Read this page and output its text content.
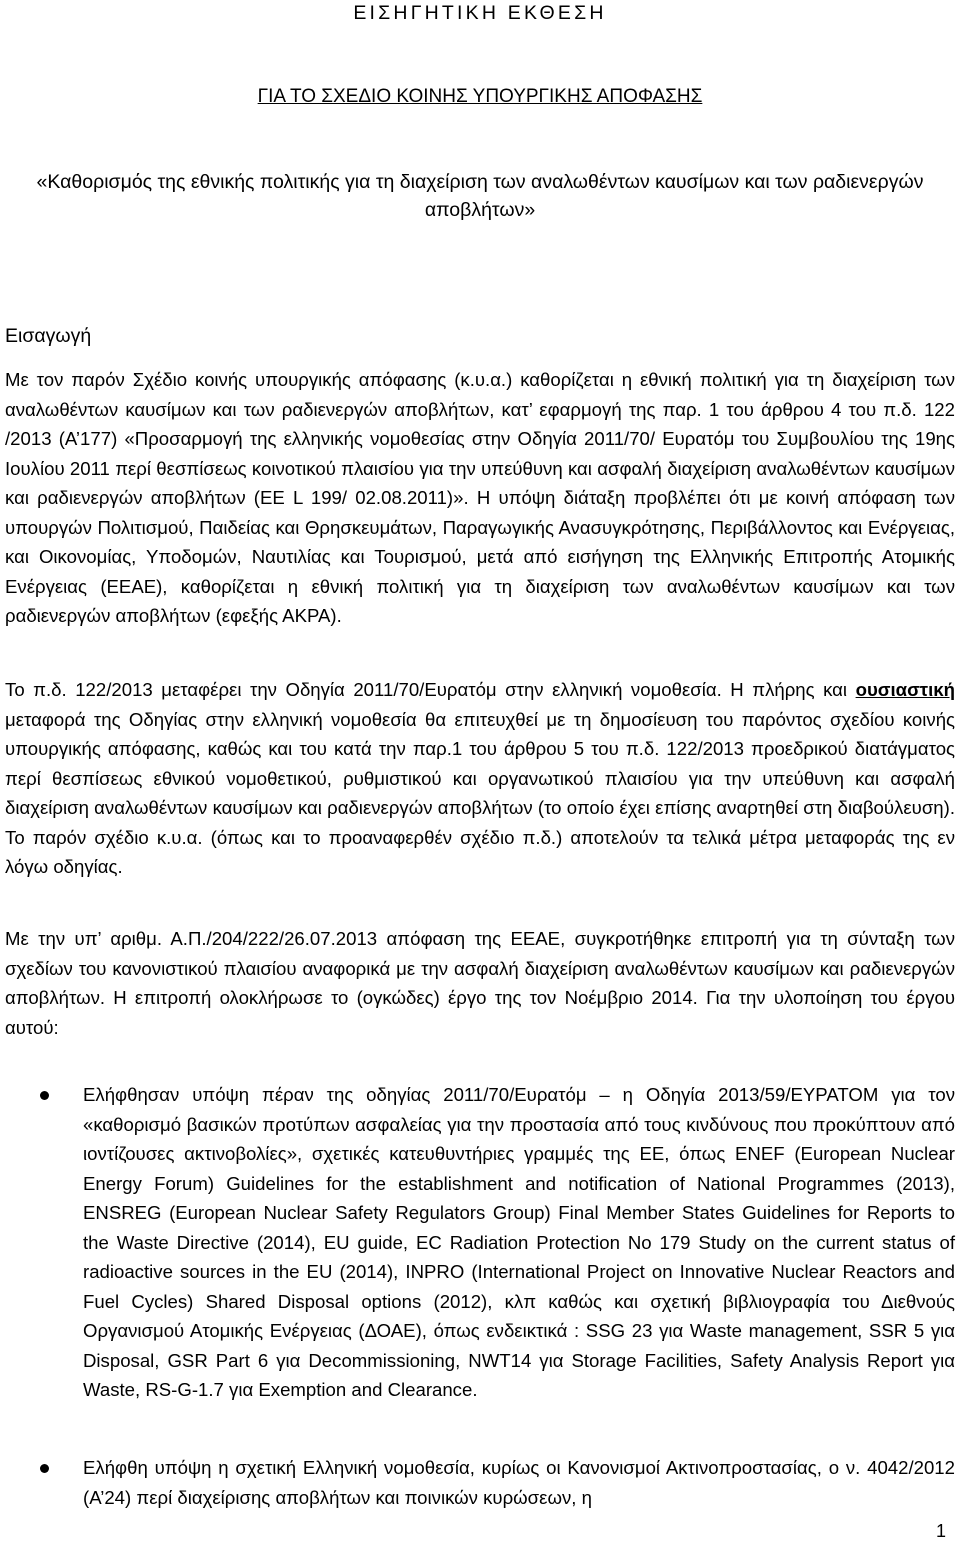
ΕΙΣΗΓΗΤΙΚΗ ΕΚΘΕΣΗ
ΓΙΑ ΤΟ ΣΧΕΔΙΟ ΚΟΙΝΗΣ ΥΠΟΥΡΓΙΚΗΣ ΑΠΟΦΑΣΗΣ
«Καθορισμός της εθνικής πολιτικής για τη διαχείριση των αναλωθέντων καυσίμων και των ραδιενεργών αποβλήτων»
Εισαγωγή

Με τον παρόν Σχέδιο κοινής υπουργικής απόφασης (κ.υ.α.) καθορίζεται η εθνική πολιτική για τη διαχείριση των αναλωθέντων καυσίμων και των ραδιενεργών αποβλήτων, κατ’ εφαρμογή της παρ. 1 του άρθρου 4 του π.δ. 122 /2013 (Α’177) «Προσαρμογή της ελληνικής νομοθεσίας στην Οδηγία 2011/70/ Ευρατόμ του Συμβουλίου της 19ης Ιουλίου 2011 περί θεσπίσεως κοινοτικού πλαισίου για την υπεύθυνη και ασφαλή διαχείριση αναλωθέντων καυσίμων και ραδιενεργών αποβλήτων (ΕΕ L 199/ 02.08.2011)». Η υπόψη διάταξη προβλέπει ότι με κοινή απόφαση των υπουργών Πολιτισμού, Παιδείας και Θρησκευμάτων, Παραγωγικής Ανασυγκρότησης, Περιβάλλοντος και Ενέργειας, και Οικονομίας, Υποδομών, Ναυτιλίας και Τουρισμού, μετά από εισήγηση της Ελληνικής Επιτροπής Ατομικής Ενέργειας (ΕΕΑΕ), καθορίζεται η εθνική πολιτική για τη διαχείριση των αναλωθέντων καυσίμων και των ραδιενεργών αποβλήτων (εφεξής ΑΚΡΑ).

Το π.δ. 122/2013 μεταφέρει την Οδηγία 2011/70/Ευρατόμ στην ελληνική νομοθεσία. Η πλήρης και ουσιαστική μεταφορά της Οδηγίας στην ελληνική νομοθεσία θα επιτευχθεί με τη δημοσίευση του παρόντος σχεδίου κοινής υπουργικής απόφασης, καθώς και του κατά την παρ.1 του άρθρου 5 του π.δ. 122/2013 προεδρικού διατάγματος περί θεσπίσεως εθνικού νομοθετικού, ρυθμιστικού και οργανωτικού πλαισίου για την υπεύθυνη και ασφαλή διαχείριση αναλωθέντων καυσίμων και ραδιενεργών αποβλήτων (το οποίο έχει επίσης αναρτηθεί στη διαβούλευση). Το παρόν σχέδιο κ.υ.α. (όπως και το προαναφερθέν σχέδιο π.δ.) αποτελούν τα τελικά μέτρα μεταφοράς της εν λόγω οδηγίας.

Με την υπ’ αριθμ. Α.Π./204/222/26.07.2013 απόφαση της ΕΕΑΕ, συγκροτήθηκε επιτροπή για τη σύνταξη των σχεδίων του κανονιστικού πλαισίου αναφορικά με την ασφαλή διαχείριση αναλωθέντων καυσίμων και ραδιενεργών αποβλήτων. Η επιτροπή ολοκλήρωσε το (ογκώδες) έργο της τον Νοέμβριο 2014. Για την υλοποίηση του έργου αυτού:

Ελήφθησαν υπόψη πέραν της οδηγίας 2011/70/Ευρατόμ – η Οδηγία 2013/59/ΕΥΡΑΤΟΜ για τον «καθορισμό βασικών προτύπων ασφαλείας για την προστασία από τους κινδύνους που προκύπτουν από ιοντίζουσες ακτινοβολίες», σχετικές κατευθυντήριες γραμμές της ΕΕ, όπως ENEF (European Nuclear Energy Forum) Guidelines for the establishment and notification of National Programmes (2013), ENSREG (European Nuclear Safety Regulators Group) Final Member States Guidelines for Reports to the Waste Directive (2014), EU guide, EC Radiation Protection No 179 Study on the current status of radioactive sources in the EU (2014), INPRO (International Project on Innovative Nuclear Reactors and Fuel Cycles) Shared Disposal options (2012), κλπ καθώς και σχετική βιβλιογραφία του Διεθνούς Οργανισμού Ατομικής Ενέργειας (ΔΟΑΕ), όπως ενδεικτικά : SSG 23 για Waste management, SSR 5 για Disposal, GSR Part 6 για Decommissioning, NWT14 για Storage Facilities, Safety Analysis Report για Waste, RS-G-1.7 για Exemption and Clearance.
Ελήφθη υπόψη η σχετική Ελληνική νομοθεσία, κυρίως οι Κανονισμοί Ακτινοπροστασίας, ο ν. 4042/2012 (Α’24) περί διαχείρισης αποβλήτων και ποινικών κυρώσεων, η
1
